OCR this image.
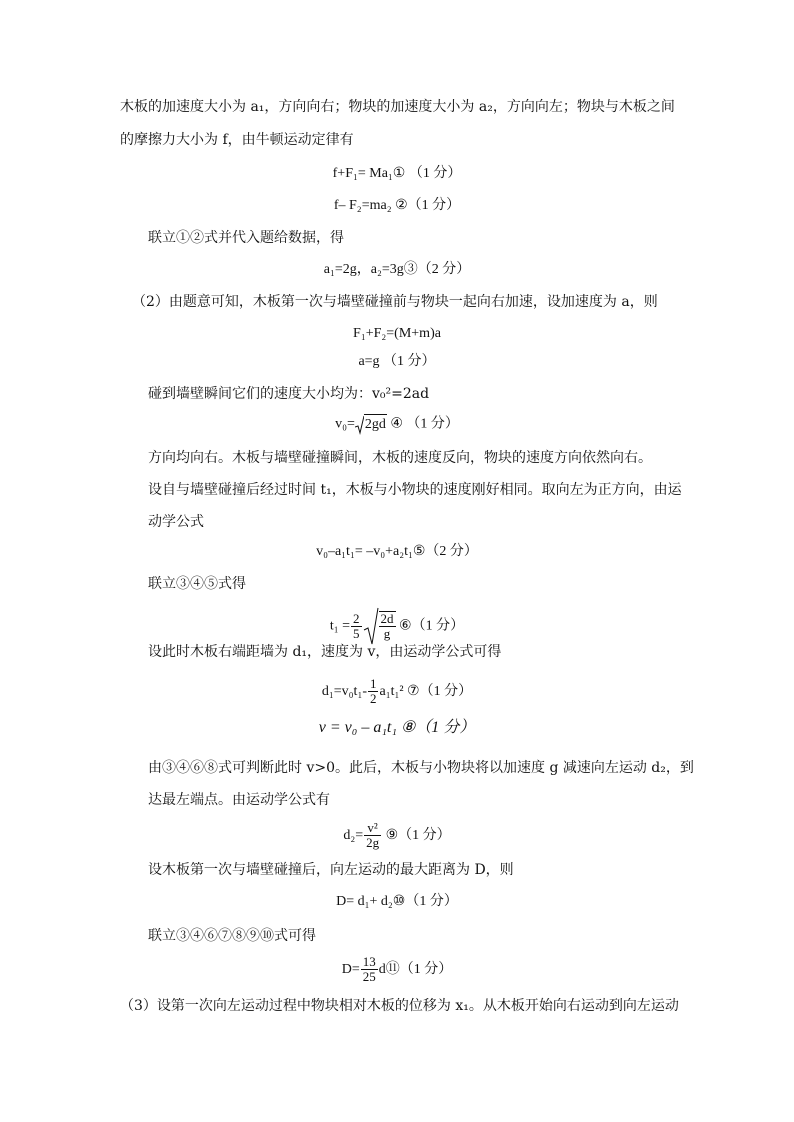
木板的加速度大小为 a₁，方向向右；物块的加速度大小为 a₂，方向向左；物块与木板之间
的摩擦力大小为 f，由牛顿运动定律有
f+F₁= Ma₁① （1 分）
f– F₂=ma₂ ②（1 分）
联立①②式并代入题给数据，得
a₁=2g，a₂=3g③（2 分）
（2）由题意可知，木板第一次与墙壁碰撞前与物块一起向右加速，设加速度为 a，则
F₁+F₂=(M+m)a
a=g （1 分）
碰到墙壁瞬间它们的速度大小均为：v₀²=2ad
v₀= 2gd ④ （1 分）
方向均向右。木板与墙壁碰撞瞬间，木板的速度反向，物块的速度方向依然向右。
设自与墙壁碰撞后经过时间 t₁，木板与小物块的速度刚好相同。取向左为正方向，由运
动学公式
v₀–a₁t₁= –v₀+a₂t₁⑤（2 分）
联立③④⑤式得
$t_1 = \frac{2}{5} \frac{2d}{g}$ ⑥（1 分）
设此时木板右端距墙为 d₁，速度为 v，由运动学公式可得
$d_1=v_0t_1- \frac{1}{2} a_1t_1^2$ ⑦（1 分）
v = v₀ – a₁t₁ ⑧（1 分）
由③④⑥⑧式可判断此时 v>0。此后，木板与小物块将以加速度 g 减速向左运动 d₂，到
达最左端点。由运动学公式有
$d_2= \frac{\text{v²}}{2g}$ ⑨（1 分）
设木板第一次与墙壁碰撞后，向左运动的最大距离为 D，则
D= d₁+ d₂⑩（1 分）
联立③④⑥⑦⑧⑨⑩式可得
$D= \frac{13}{25}$ d⑪（1 分）
（3）设第一次向左运动过程中物块相对木板的位移为 x₁。从木板开始向右运动到向左运动
